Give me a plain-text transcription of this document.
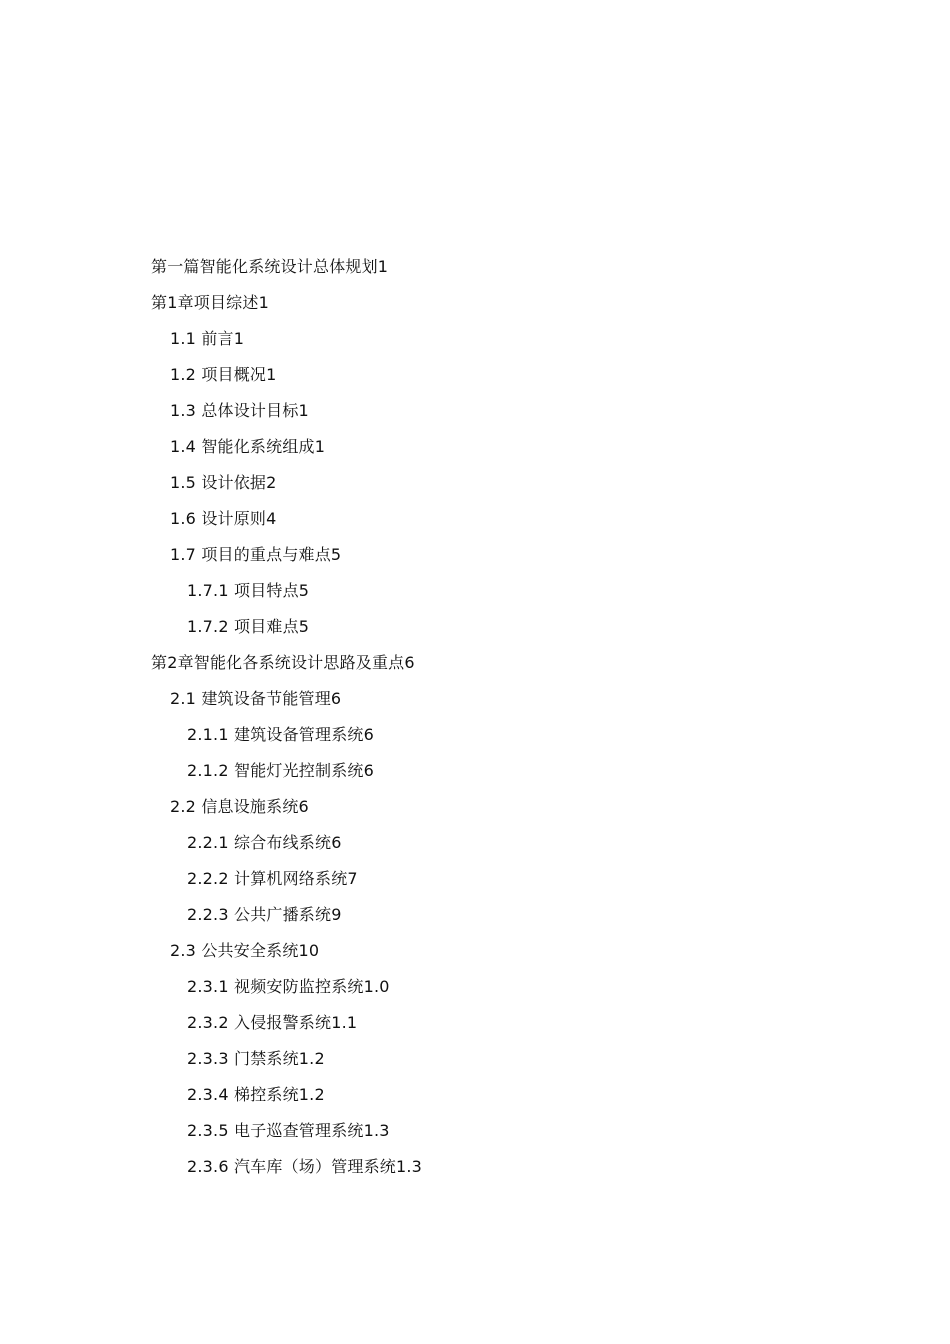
第一篇智能化系统设计总体规划1
第1章项目综述1
1.1 前言1
1.2 项目概况1
1.3 总体设计目标1
1.4 智能化系统组成1
1.5 设计依据2
1.6 设计原则4
1.7 项目的重点与难点5
1.7.1 项目特点5
1.7.2 项目难点5
第2章智能化各系统设计思路及重点6
2.1 建筑设备节能管理6
2.1.1 建筑设备管理系统6
2.1.2 智能灯光控制系统6
2.2 信息设施系统6
2.2.1 综合布线系统6
2.2.2 计算机网络系统7
2.2.3 公共广播系统9
2.3 公共安全系统10
2.3.1 视频安防监控系统1.0
2.3.2 入侵报警系统1.1
2.3.3 门禁系统1.2
2.3.4 梯控系统1.2
2.3.5 电子巡查管理系统1.3
2.3.6 汽车库（场）管理系统1.3
